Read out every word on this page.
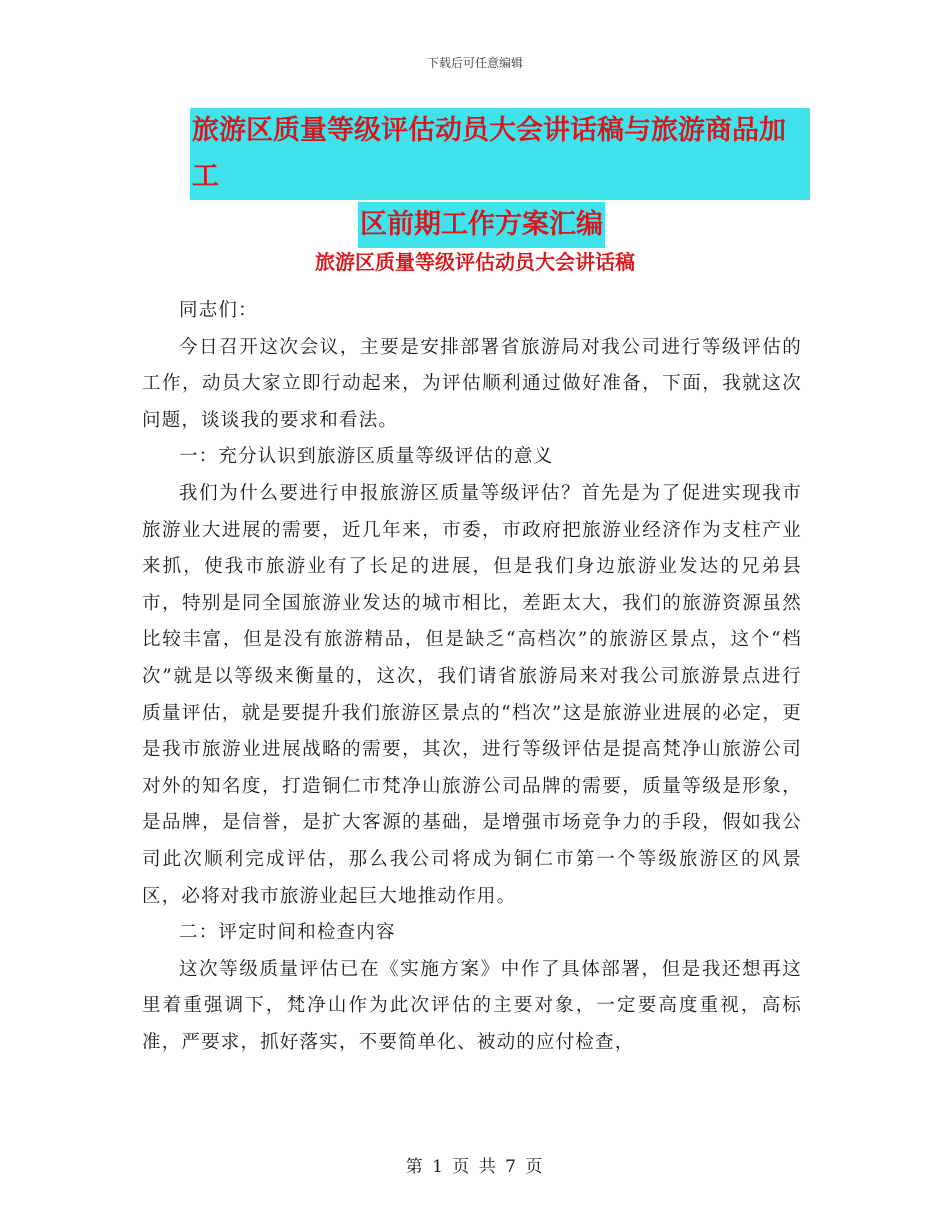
下载后可任意编辑
旅游区质量等级评估动员大会讲话稿与旅游商品加工
区前期工作方案汇编
旅游区质量等级评估动员大会讲话稿

同志们：

今日召开这次会议，主要是安排部署省旅游局对我公司进行等级评估的工作，动员大家立即行动起来，为评估顺利通过做好准备，下面，我就这次问题，谈谈我的要求和看法。

一：充分认识到旅游区质量等级评估的意义

我们为什么要进行申报旅游区质量等级评估？首先是为了促进实现我市旅游业大进展的需要，近几年来，市委，市政府把旅游业经济作为支柱产业来抓，使我市旅游业有了长足的进展，但是我们身边旅游业发达的兄弟县市，特别是同全国旅游业发达的城市相比，差距太大，我们的旅游资源虽然比较丰富，但是没有旅游精品，但是缺乏“高档次”的旅游区景点，这个“档次”就是以等级来衡量的，这次，我们请省旅游局来对我公司旅游景点进行质量评估，就是要提升我们旅游区景点的“档次”这是旅游业进展的必定，更是我市旅游业进展战略的需要，其次，进行等级评估是提高梵净山旅游公司对外的知名度，打造铜仁市梵净山旅游公司品牌的需要，质量等级是形象，是品牌，是信誉，是扩大客源的基础，是增强市场竞争力的手段，假如我公司此次顺利完成评估，那么我公司将成为铜仁市第一个等级旅游区的风景区，必将对我市旅游业起巨大地推动作用。

二：评定时间和检查内容

这次等级质量评估已在《实施方案》中作了具体部署，但是我还想再这里着重强调下，梵净山作为此次评估的主要对象，一定要高度重视，高标准，严要求，抓好落实，不要简单化、被动的应付检查，

第 1 页 共 7 页
